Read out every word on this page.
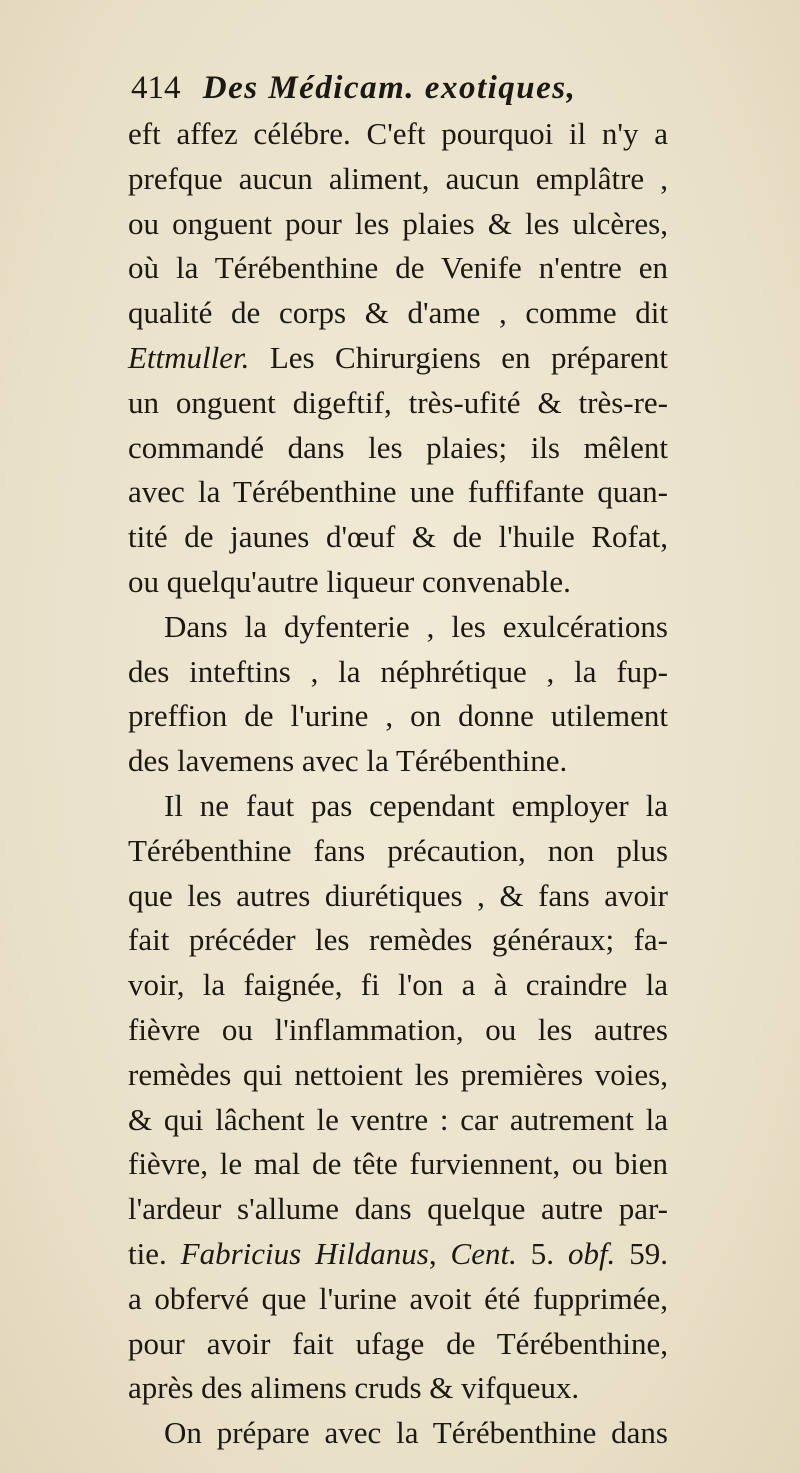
414 Des Médicam. exotiques,
eft affez célébre. C'eft pourquoi il n'y a
prefque aucun aliment, aucun emplâtre ,
ou onguent pour les plaies & les ulcères,
où la Térébenthine de Venife n'entre en
qualité de corps & d'ame , comme dit
Ettmuller. Les Chirurgiens en préparent
un onguent digeftif, très-ufité & très-re-
commandé dans les plaies; ils mêlent
avec la Térébenthine une fuffifante quan-
tité de jaunes d'œuf & de l'huile Rofat,
ou quelqu'autre liqueur convenable.
Dans la dyfenterie , les exulcérations
des inteftins , la néphrétique , la fup-
preffion de l'urine , on donne utilement
des lavemens avec la Térébenthine.
Il ne faut pas cependant employer la
Térébenthine fans précaution, non plus
que les autres diurétiques , & fans avoir
fait précéder les remèdes généraux; fa-
voir, la faignée, fi l'on a à craindre la
fièvre ou l'inflammation, ou les autres
remèdes qui nettoient les premières voies,
& qui lâchent le ventre : car autrement la
fièvre, le mal de tête furviennent, ou bien
l'ardeur s'allume dans quelque autre par-
tie. Fabricius Hildanus, Cent. 5. obf. 59.
a obfervé que l'urine avoit été fupprimée,
pour avoir fait ufage de Térébenthine,
après des alimens cruds & vifqueux.
On prépare avec la Térébenthine dans
